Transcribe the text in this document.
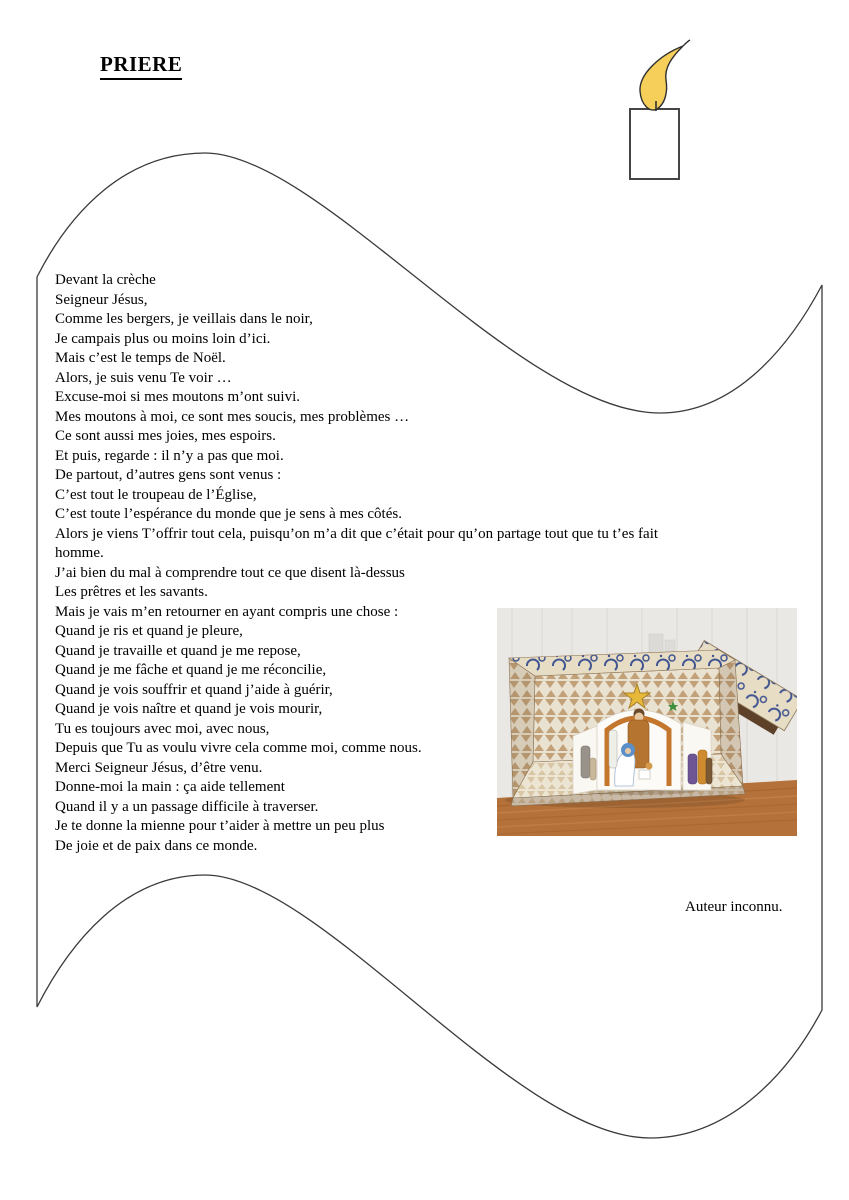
PRIERE
Devant la crèche
Seigneur Jésus,
Comme les bergers, je veillais dans le noir,
Je campais plus ou moins loin d’ici.
Mais c’est le temps de Noël.
Alors, je suis venu Te voir …
Excuse-moi si mes moutons m’ont suivi.
Mes moutons à moi, ce sont mes soucis, mes problèmes …
Ce sont aussi mes joies, mes espoirs.
Et puis, regarde : il n’y a pas que moi.
De partout, d’autres gens sont venus :
C’est tout le troupeau de l’Église,
C’est toute l’espérance du monde que je sens à mes côtés.
Alors je viens T’offrir tout cela, puisqu’on m’a dit que c’était pour qu’on partage tout que tu t’es fait
homme.
J’ai bien du mal à comprendre tout ce que disent là-dessus
Les prêtres et les savants.
Mais je vais m’en retourner en ayant compris une chose :
Quand je ris et quand je pleure,
Quand je travaille et quand je me repose,
Quand je me fâche et quand je me réconcilie,
Quand je vois souffrir et quand j’aide à guérir,
Quand je vois naître et quand je vois mourir,
Tu es toujours avec moi, avec nous,
Depuis que Tu as voulu vivre cela comme moi, comme nous.
Merci Seigneur Jésus, d’être venu.
Donne-moi la main : ça aide tellement
Quand il y a un passage difficile à traverser.
Je te donne la mienne pour t’aider à mettre un peu plus
De joie et de paix dans ce monde.
Auteur inconnu.
